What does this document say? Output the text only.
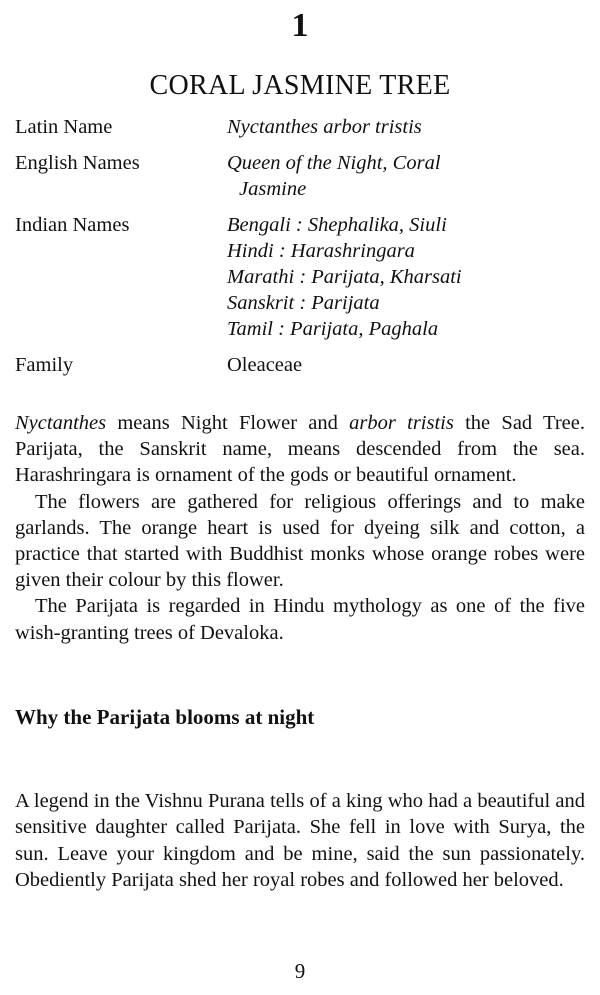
1
CORAL JASMINE TREE
Latin Name	Nyctanthes arbor tristis
English Names	Queen of the Night, Coral
Jasmine
Indian Names	Bengali : Shephalika, Siuli
Hindi : Harashringara
Marathi : Parijata, Kharsati
Sanskrit : Parijata
Tamil : Parijata, Paghala
Family	Oleaceae

Nyctanthes means Night Flower and arbor tristis the Sad Tree. Parijata, the Sanskrit name, means descended from the sea. Harashringara is ornament of the gods or beautiful ornament.

The flowers are gathered for religious offerings and to make garlands. The orange heart is used for dyeing silk and cotton, a practice that started with Buddhist monks whose orange robes were given their colour by this flower.

The Parijata is regarded in Hindu mythology as one of the five wish-granting trees of Devaloka.

Why the Parijata blooms at night

A legend in the Vishnu Purana tells of a king who had a beautiful and sensitive daughter called Parijata. She fell in love with Surya, the sun. Leave your kingdom and be mine, said the sun passionately. Obediently Parijata shed her royal robes and followed her beloved.

9
